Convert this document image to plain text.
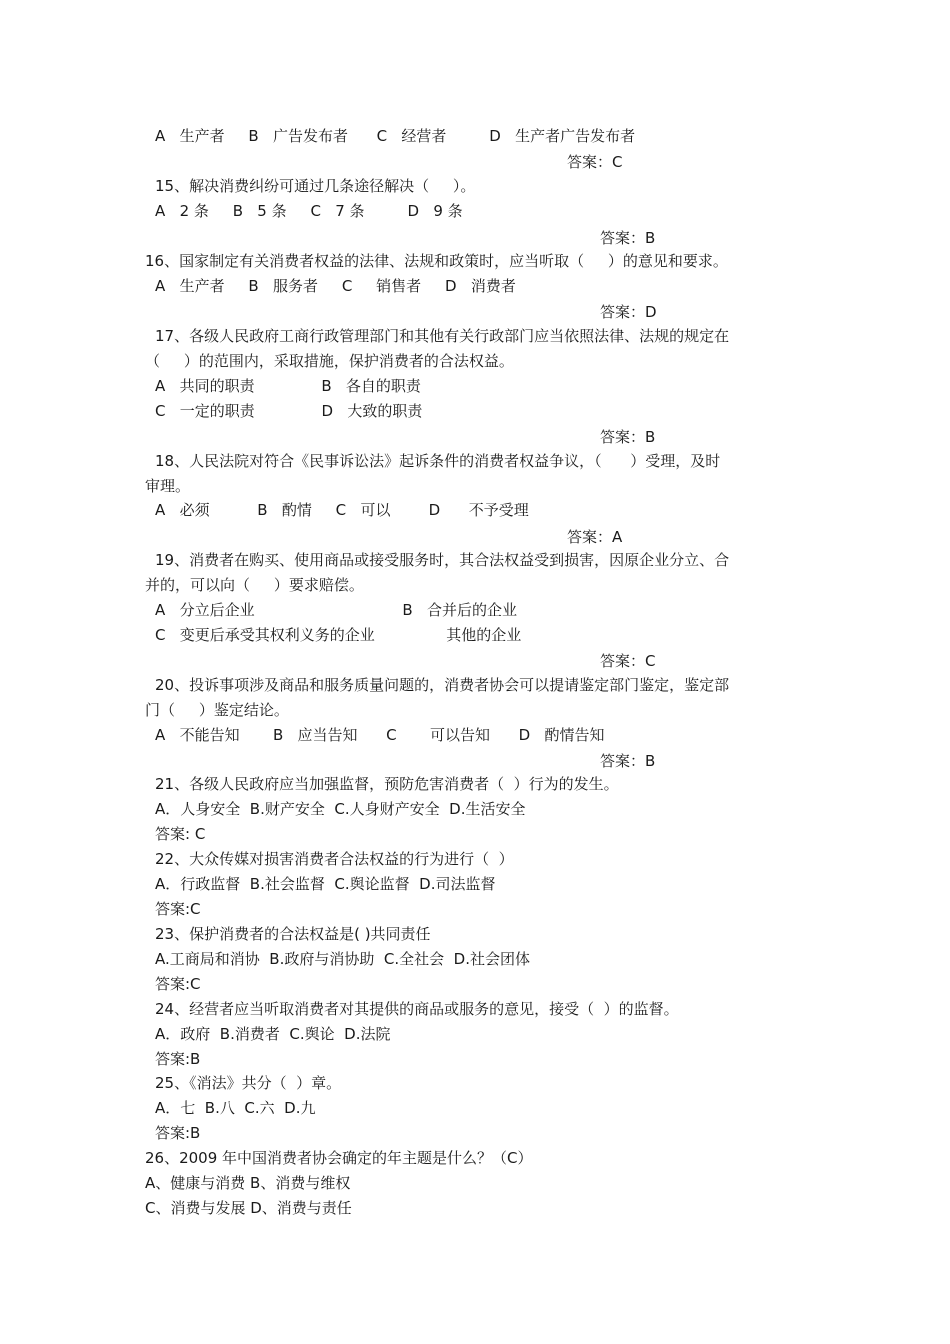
A   生产者     B   广告发布者      C   经营者         D   生产者广告发布者
答案：C
15、解决消费纠纷可通过几条途径解决（     ）。
A   2 条     B   5 条     C   7 条         D   9 条
答案：B
16、国家制定有关消费者权益的法律、法规和政策时，应当听取（     ）的意见和要求。
A   生产者     B   服务者     C     销售者     D   消费者
答案：D
17、各级人民政府工商行政管理部门和其他有关行政部门应当依照法律、法规的规定在
（     ）的范围内，采取措施，保护消费者的合法权益。
A   共同的职责              B   各自的职责
C   一定的职责              D   大致的职责
答案：B
18、人民法院对符合《民事诉讼法》起诉条件的消费者权益争议，（      ）受理，及时
审理。
A   必须          B   酌情     C   可以        D      不予受理
答案：A
19、消费者在购买、使用商品或接受服务时，其合法权益受到损害，因原企业分立、合
并的，可以向（     ）要求赔偿。
A   分立后企业                               B   合并后的企业
C   变更后承受其权利义务的企业               其他的企业
答案：C
20、投诉事项涉及商品和服务质量问题的，消费者协会可以提请鉴定部门鉴定，鉴定部
门（     ）鉴定结论。
A   不能告知       B   应当告知      C       可以告知      D   酌情告知
答案：B
21、各级人民政府应当加强监督，预防危害消费者（  ）行为的发生。
A．人身安全  B.财产安全  C.人身财产安全  D.生活安全
答案: C
22、大众传媒对损害消费者合法权益的行为进行（  ）
A．行政监督  B.社会监督  C.舆论监督  D.司法监督
答案:C
23、保护消费者的合法权益是( )共同责任
A.工商局和消协  B.政府与消协助  C.全社会  D.社会团体
答案:C
24、经营者应当听取消费者对其提供的商品或服务的意见，接受（  ）的监督。
A．政府  B.消费者  C.舆论  D.法院
答案:B
25、《消法》共分（  ）章。
A．七  B.八  C.六  D.九
答案:B
26、2009 年中国消费者协会确定的年主题是什么？（C）
A、健康与消费 B、消费与维权
C、消费与发展 D、消费与责任
